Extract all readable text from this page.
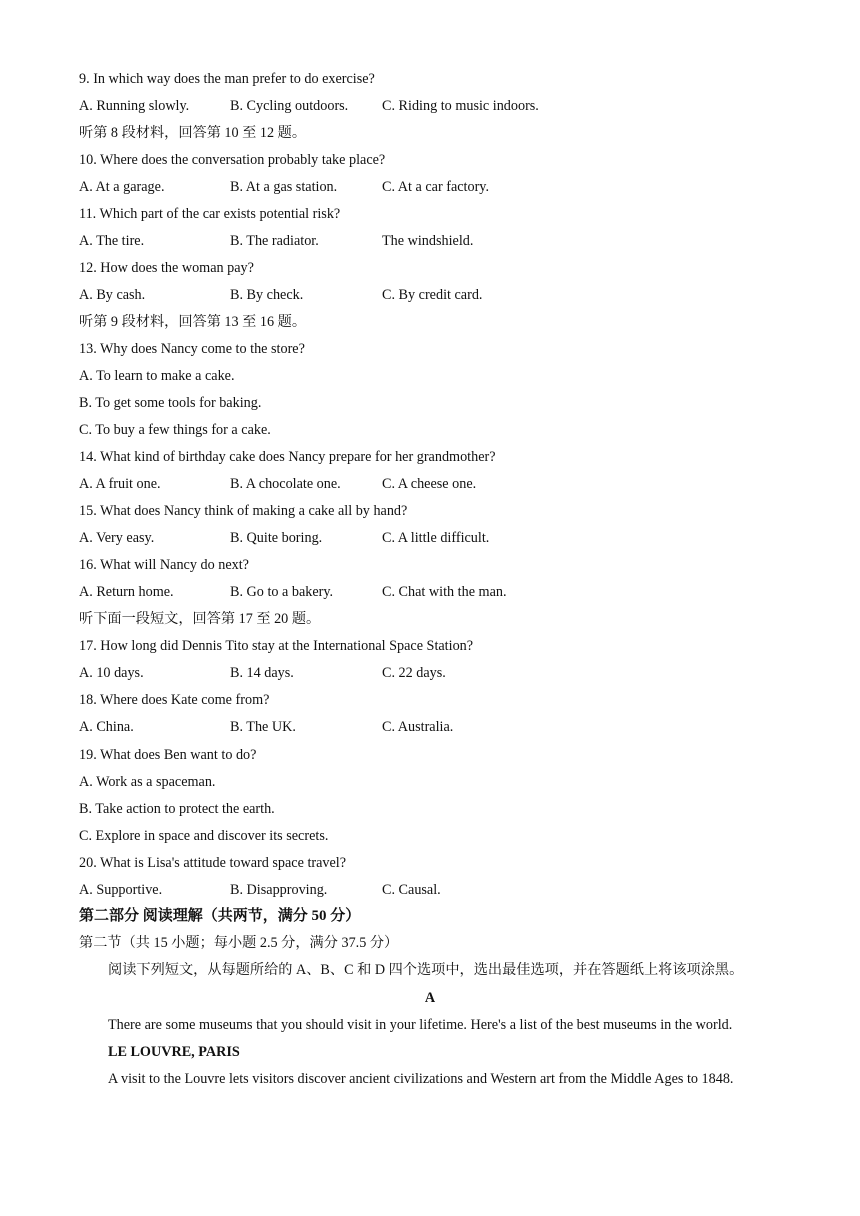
9. In which way does the man prefer to do exercise?
A. Running slowly.	B. Cycling outdoors. C. Riding to music indoors.
听第 8 段材料，回答第 10 至 12 题。
10. Where does the conversation probably take place?
A. At a garage.	B. At a gas station.	C. At a car factory.
11. Which part of the car exists potential risk?
A. The tire.	B. The radiator.	The windshield.
12. How does the woman pay?
A. By cash.	B. By check.	C. By credit card.
听第 9 段材料，回答第 13 至 16 题。
13. Why does Nancy come to the store?
A. To learn to make a cake.
B. To get some tools for baking.
C. To buy a few things for a cake.
14. What kind of birthday cake does Nancy prepare for her grandmother?
A. A fruit one.	B. A chocolate one.	C. A cheese one.
15. What does Nancy think of making a cake all by hand?
A. Very easy.	B. Quite boring.	C. A little difficult.
16. What will Nancy do next?
A. Return home.	B. Go to a bakery.	C. Chat with the man.
听下面一段短文，回答第 17 至 20 题。
17. How long did Dennis Tito stay at the International Space Station?
A. 10 days.	B. 14 days.	C. 22 days.
18. Where does Kate come from?
A. China.	B. The UK.	C. Australia.
19. What does Ben want to do?
A. Work as a spaceman.
B. Take action to protect the earth.
C. Explore in space and discover its secrets.
20. What is Lisa's attitude toward space travel?
A. Supportive.	B. Disapproving.	C. Causal.
第二部分 阅读理解（共两节，满分 50 分）
第二节（共 15 小题；每小题 2.5 分，满分 37.5 分）
阅读下列短文，从每题所给的 A、B、C 和 D 四个选项中，选出最佳选项，并在答题纸上将该项涂黑。
A
There are some museums that you should visit in your lifetime. Here's a list of the best museums in the world.
LE LOUVRE, PARIS
A visit to the Louvre lets visitors discover ancient civilizations and Western art from the Middle Ages to 1848.
